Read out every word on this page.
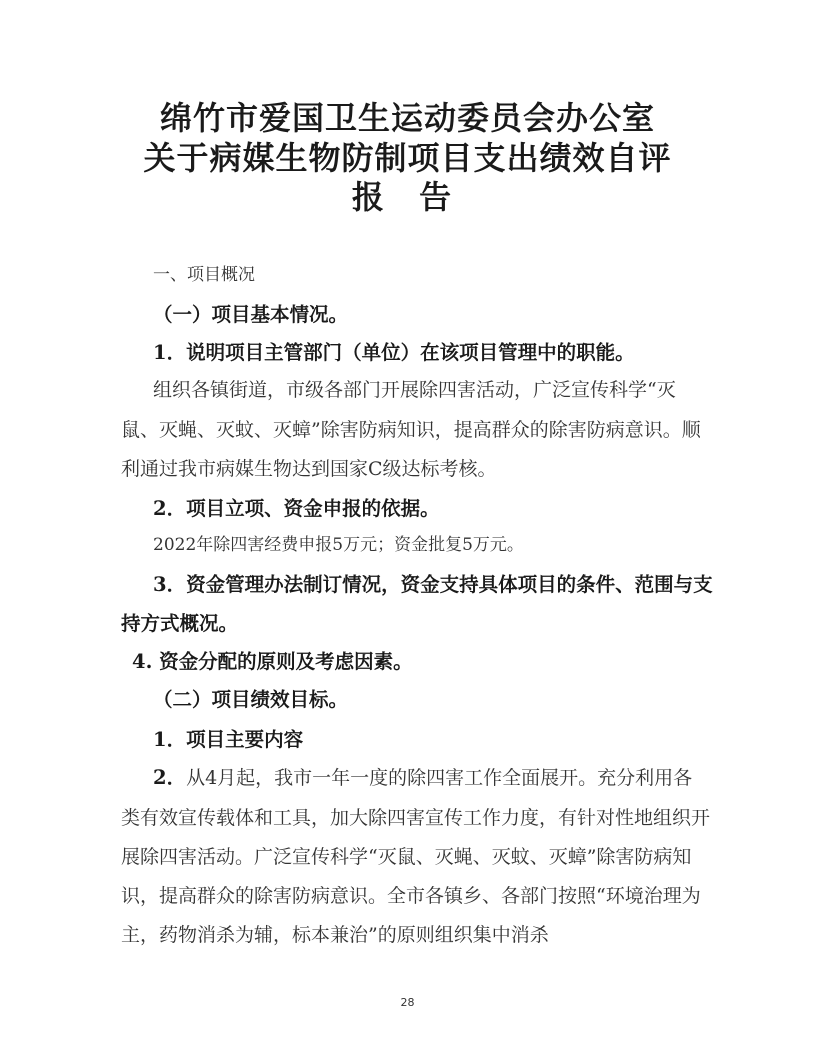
绵竹市爱国卫生运动委员会办公室
关于病媒生物防制项目支出绩效自评
报 告
一、项目概况
（一）项目基本情况。
1．说明项目主管部门（单位）在该项目管理中的职能。
组织各镇街道，市级各部门开展除四害活动，广泛宣传科学“灭
鼠、灭蝇、灭蚊、灭蟑”除害防病知识，提高群众的除害防病意识。顺
利通过我市病媒生物达到国家C级达标考核。
2．项目立项、资金申报的依据。
2022年除四害经费申报5万元；资金批复5万元。
3．资金管理办法制订情况，资金支持具体项目的条件、范围与支
持方式概况。
4. 资金分配的原则及考虑因素。
（二）项目绩效目标。
1．项目主要内容
2．从4月起，我市一年一度的除四害工作全面展开。充分利用各
类有效宣传载体和工具，加大除四害宣传工作力度，有针对性地组织开
展除四害活动。广泛宣传科学“灭鼠、灭蝇、灭蚊、灭蟑”除害防病知
识，提高群众的除害防病意识。全市各镇乡、各部门按照“环境治理为
主，药物消杀为辅，标本兼治”的原则组织集中消杀
28
